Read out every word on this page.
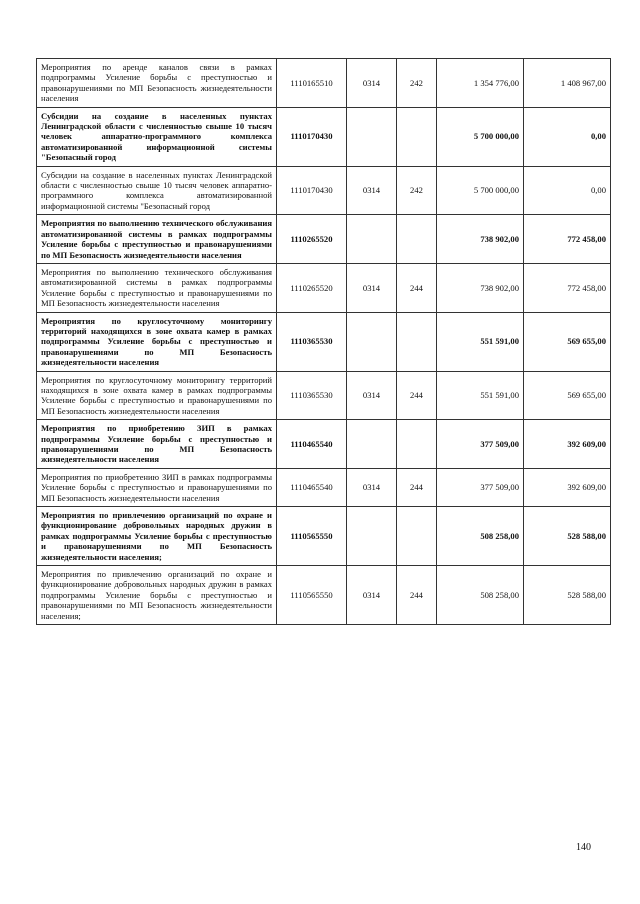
Мероприятия по аренде каналов связи в рамках подпрограммы Усиление борьбы с преступностью и правонарушениями по МП Безопасность жизнедеятельности населения	1110165510	0314	242	1 354 776,00	1 408 967,00
Субсидии на создание в населенных пунктах Ленинградской области с численностью свыше 10 тысяч человек аппаратно-программного комплекса автоматизированной информационной системы "Безопасный город	1110170430			5 700 000,00	0,00
Субсидии на создание в населенных пунктах Ленинградской области с численностью свыше 10 тысяч человек аппаратно-программного комплекса автоматизированной информационной системы "Безопасный город	1110170430	0314	242	5 700 000,00	0,00
Мероприятия по выполнению технического обслуживания автоматизированной системы в рамках подпрограммы Усиление борьбы с преступностью и правонарушениями по МП Безопасность жизнедеятельности населения	1110265520			738 902,00	772 458,00
Мероприятия по выполнению технического обслуживания автоматизированной системы в рамках подпрограммы Усиление борьбы с преступностью и правонарушениями по МП Безопасность жизнедеятельности населения	1110265520	0314	244	738 902,00	772 458,00
Мероприятия по круглосуточному мониторингу территорий находящихся в зоне охвата камер в рамках подпрограммы Усиление борьбы с преступностью и правонарушениями по МП Безопасность жизнедеятельности населения	1110365530			551 591,00	569 655,00
Мероприятия по круглосуточному мониторингу территорий находящихся в зоне охвата камер в рамках подпрограммы Усиление борьбы с преступностью и правонарушениями по МП Безопасность жизнедеятельности населения	1110365530	0314	244	551 591,00	569 655,00
Мероприятия по приобретению ЗИП в рамках подпрограммы Усиление борьбы с преступностью и правонарушениями по МП Безопасность жизнедеятельности населения	1110465540			377 509,00	392 609,00
Мероприятия по приобретению ЗИП в рамках подпрограммы Усиление борьбы с преступностью и правонарушениями по МП Безопасность жизнедеятельности населения	1110465540	0314	244	377 509,00	392 609,00
Мероприятия по привлечению организаций по охране и функционирование добровольных народных дружин в рамках подпрограммы Усиление борьбы с преступностью и правонарушениями по МП Безопасность жизнедеятельности населения;	1110565550			508 258,00	528 588,00
Мероприятия по привлечению организаций по охране и функционирование добровольных народных дружин в рамках подпрограммы Усиление борьбы с преступностью и правонарушениями по МП Безопасность жизнедеятельности населения;	1110565550	0314	244	508 258,00	528 588,00
140
